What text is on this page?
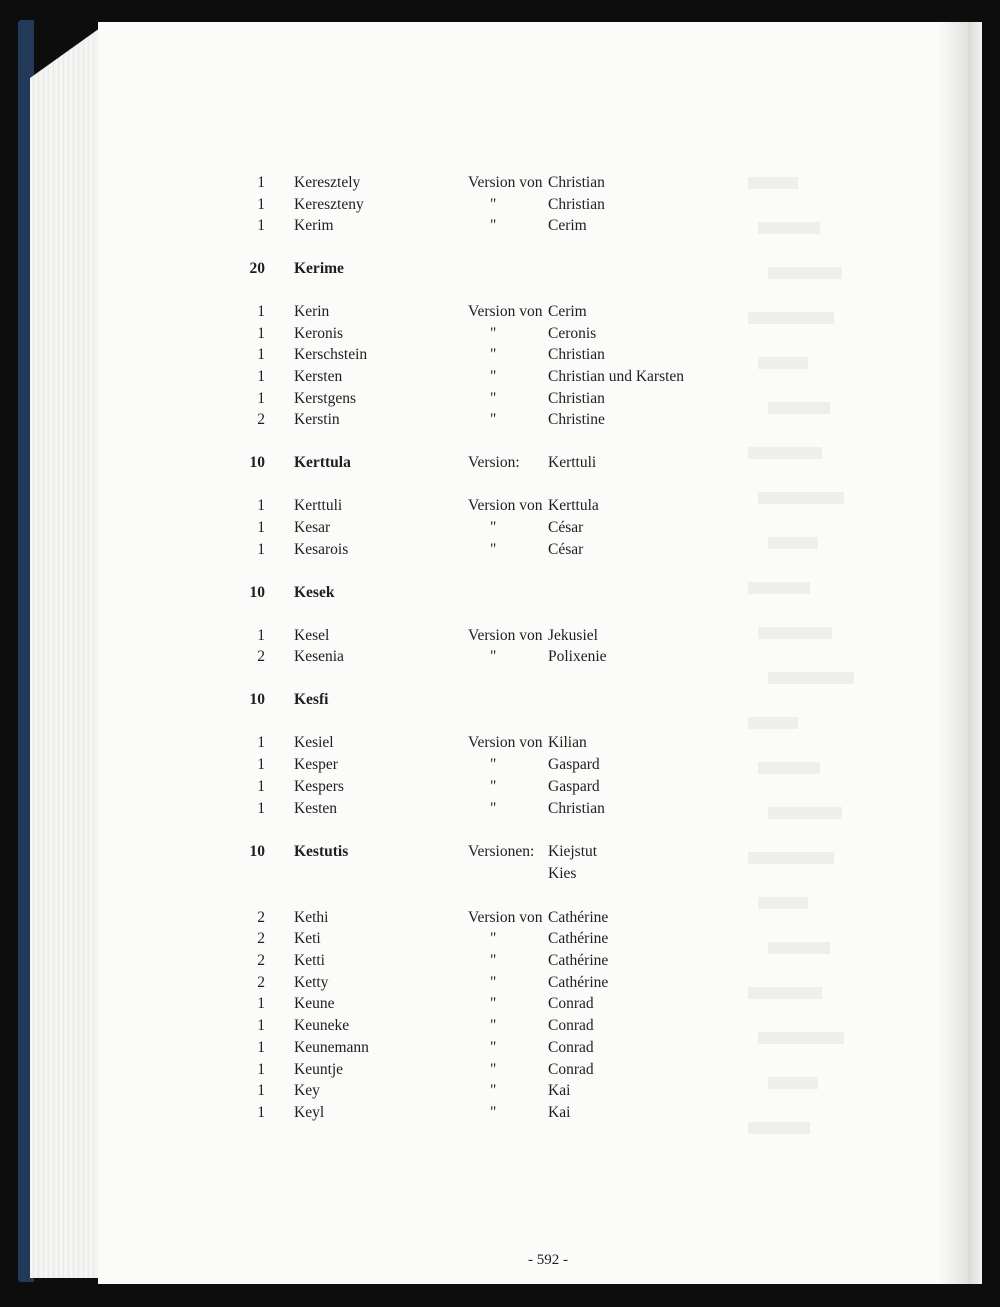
1 Keresztely	Version von Christian
1 Kereszteny	"	Christian
1 Kerim	"	Cerim
20 Kerime
1 Kerin	Version von Cerim
1 Keronis	"	Ceronis
1 Kerschstein	"	Christian
1 Kersten	"	Christian und Karsten
1 Kerstgens	"	Christian
2 Kerstin	"	Christine
10 Kerttula	Version: Kerttuli
1 Kerttuli	Version von Kerttula
1 Kesar	"	César
1 Kesarois	"	César
10 Kesek
1 Kesel	Version von Jekusiel
2 Kesenia	"	Polixenie
10 Kesfi
1 Kesiel	Version von Kilian
1 Kesper	"	Gaspard
1 Kespers	"	Gaspard
1 Kesten	"	Christian
10 Kestutis	Versionen: Kiejstut
Kies
2 Kethi	Version von Cathérine
2 Keti	"	Cathérine
2 Ketti	"	Cathérine
2 Ketty	"	Cathérine
1 Keune	"	Conrad
1 Keuneke	"	Conrad
1 Keunemann	"	Conrad
1 Keuntje	"	Conrad
1 Key	"	Kai
1 Keyl	"	Kai
- 592 -
